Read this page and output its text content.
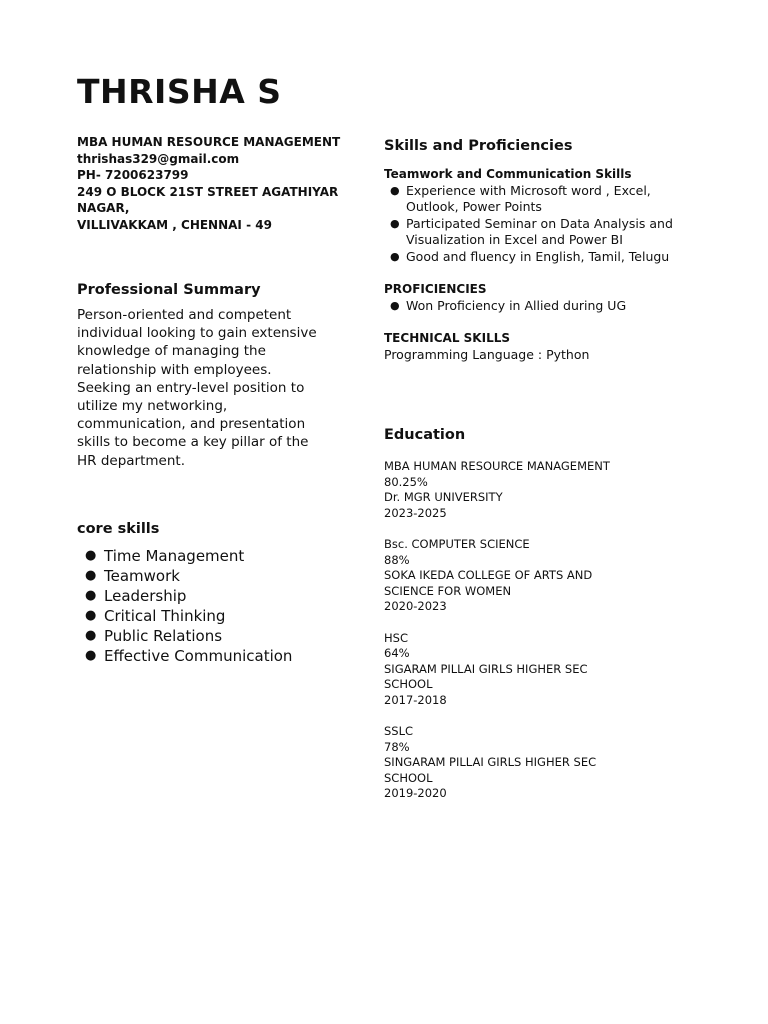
THRISHA S
MBA HUMAN RESOURCE MANAGEMENT
thrishas329@gmail.com
PH- 7200623799
249 O BLOCK 21ST STREET AGATHIYAR
NAGAR,
VILLIVAKKAM , CHENNAI - 49
Professional Summary

Person-oriented and competent individual looking to gain extensive knowledge of managing the relationship with employees. Seeking an entry-level position to utilize my networking, communication, and presentation skills to become a key pillar of the HR department.

core skills
● Time Management
● Teamwork
● Leadership
● Critical Thinking
● Public Relations
● Effective Communication
Skills and Proficiencies
Teamwork and Communication Skills
● Experience with Microsoft word , Excel, Outlook, Power Points
● Participated Seminar on Data Analysis and Visualization in Excel and Power BI
● Good and fluency in English, Tamil, Telugu
PROFICIENCIES
● Won Proficiency in Allied during UG
TECHNICAL SKILLS
Programming Language : Python
Education
MBA HUMAN RESOURCE MANAGEMENT
80.25%
Dr. MGR UNIVERSITY
2023-2025
Bsc. COMPUTER SCIENCE
88%
SOKA IKEDA COLLEGE OF ARTS AND
SCIENCE FOR WOMEN
2020-2023
HSC
64%
SIGARAM PILLAI GIRLS HIGHER SEC
SCHOOL
2017-2018
SSLC
78%
SINGARAM PILLAI GIRLS HIGHER SEC
SCHOOL
2019-2020
